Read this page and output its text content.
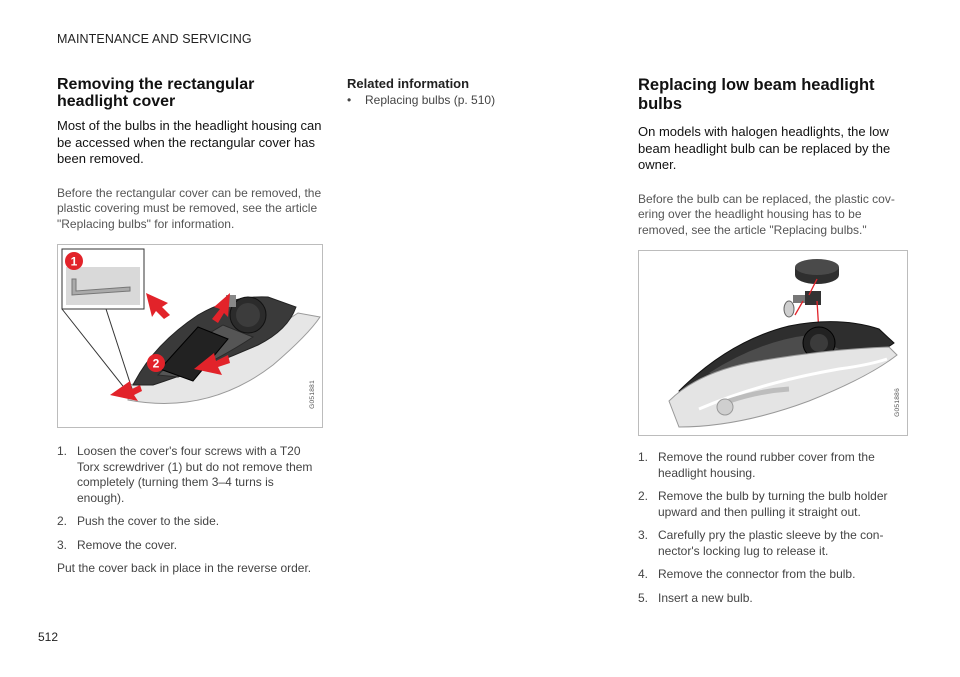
MAINTENANCE AND SERVICING
Removing the rectangular headlight cover

Most of the bulbs in the headlight housing can be accessed when the rectangular cover has been removed.

Before the rectangular cover can be removed, the plastic covering must be removed, see the article "Replacing bulbs" for information.

1
2
G051881
1. Loosen the cover's four screws with a T20 Torx screwdriver (1) but do not remove them completely (turning them 3–4 turns is enough).
2. Push the cover to the side.
3. Remove the cover.

Put the cover back in place in the reverse order.

Related information
• Replacing bulbs (p. 510)
Replacing low beam headlight bulbs

On models with halogen headlights, the low beam headlight bulb can be replaced by the owner.

Before the bulb can be replaced, the plastic cov-ering over the headlight housing has to be removed, see the article "Replacing bulbs."

G051886
1. Remove the round rubber cover from the headlight housing.
2. Remove the bulb by turning the bulb holder upward and then pulling it straight out.
3. Carefully pry the plastic sleeve by the con-nector's locking lug to release it.
4. Remove the connector from the bulb.
5. Insert a new bulb.
512
